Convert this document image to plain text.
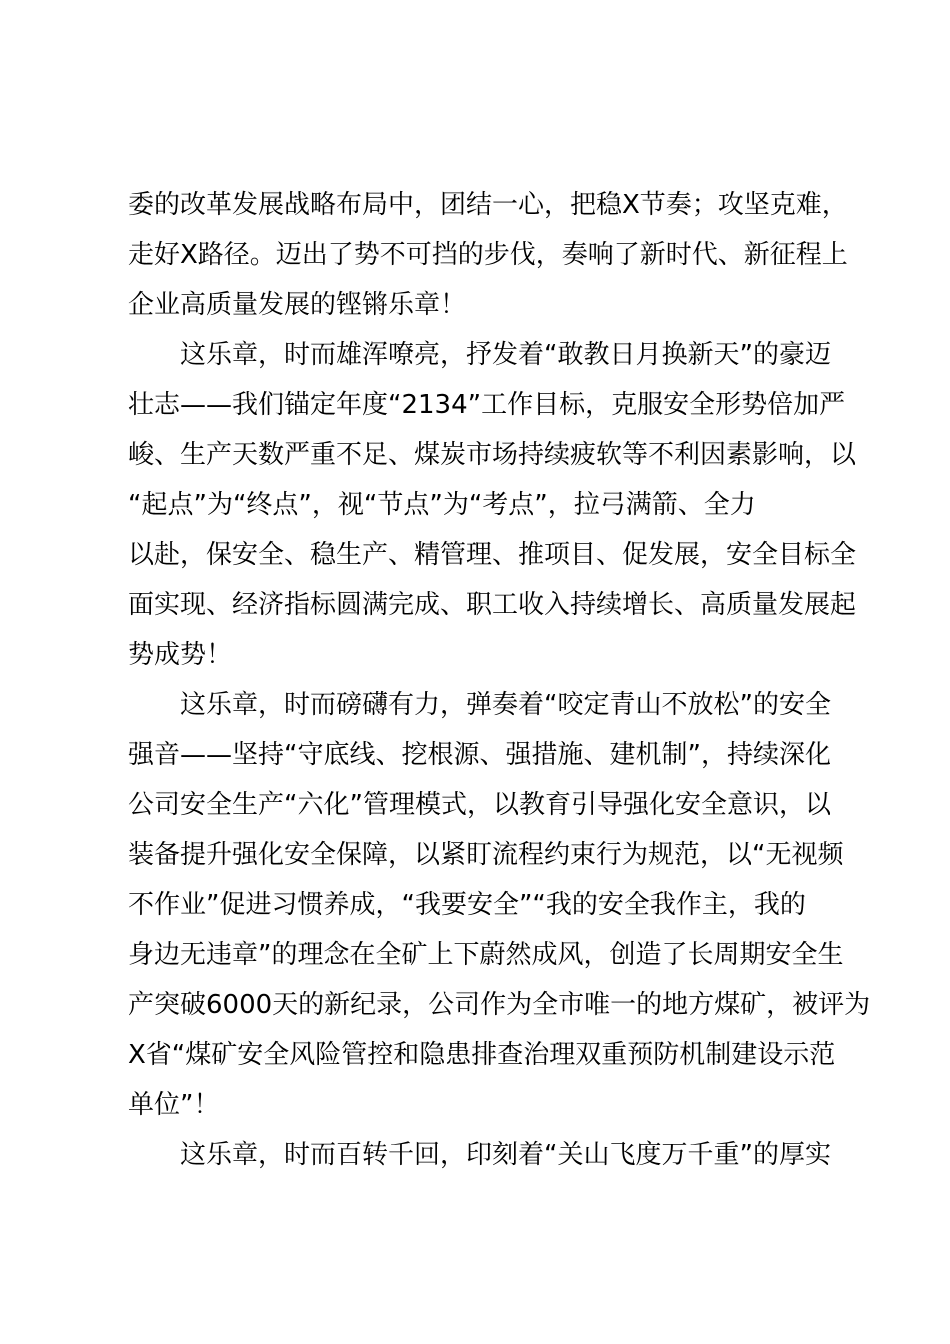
委的改革发展战略布局中，团结一心，把稳X节奏；攻坚克难，
走好X路径。迈出了势不可挡的步伐，奏响了新时代、新征程上
企业高质量发展的铿锵乐章！
这乐章，时而雄浑嘹亮，抒发着“敢教日月换新天”的豪迈
壮志——我们锚定年度“2134”工作目标，克服安全形势倍加严
峻、生产天数严重不足、煤炭市场持续疲软等不利因素影响，以
“起点”为“终点”，视“节点”为“考点”，拉弓满箭、全力
以赴，保安全、稳生产、精管理、推项目、促发展，安全目标全
面实现、经济指标圆满完成、职工收入持续增长、高质量发展起
势成势！
这乐章，时而磅礴有力，弹奏着“咬定青山不放松”的安全
强音——坚持“守底线、挖根源、强措施、建机制”，持续深化
公司安全生产“六化”管理模式，以教育引导强化安全意识，以
装备提升强化安全保障，以紧盯流程约束行为规范，以“无视频
不作业”促进习惯养成，“我要安全”“我的安全我作主，我的
身边无违章”的理念在全矿上下蔚然成风，创造了长周期安全生
产突破6000天的新纪录，公司作为全市唯一的地方煤矿，被评为
X省“煤矿安全风险管控和隐患排查治理双重预防机制建设示范
单位”！
这乐章，时而百转千回，印刻着“关山飞度万千重”的厚实
